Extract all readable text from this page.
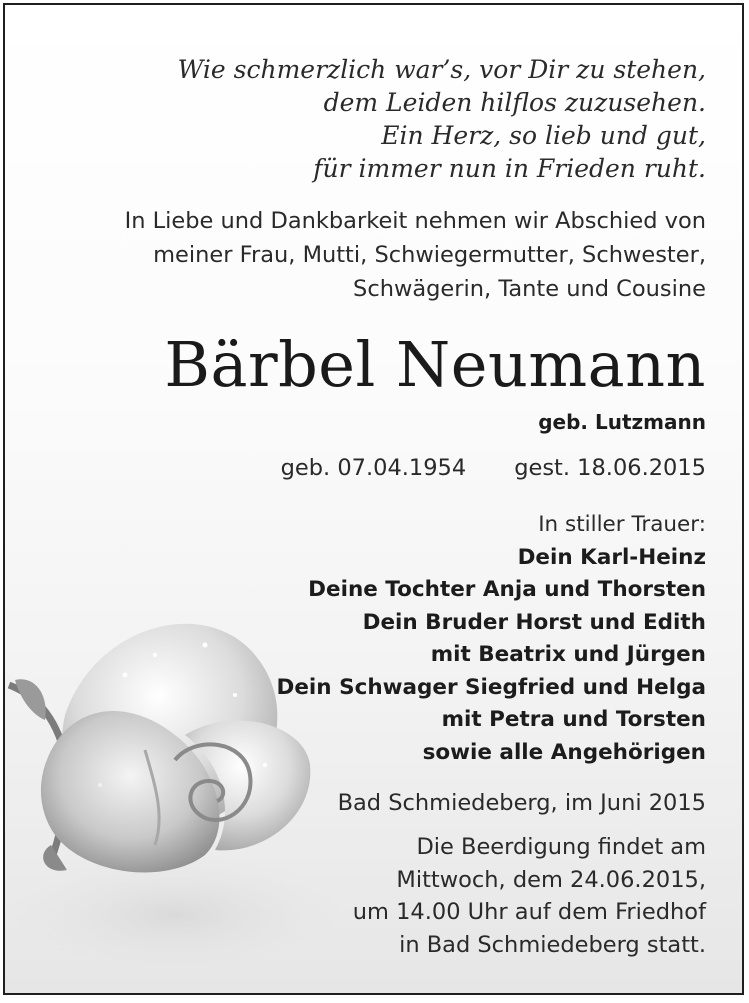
Wie schmerzlich war’s, vor Dir zu stehen,
dem Leiden hilflos zuzusehen.
Ein Herz, so lieb und gut,
für immer nun in Frieden ruht.
In Liebe und Dankbarkeit nehmen wir Abschied von
meiner Frau, Mutti, Schwiegermutter, Schwester,
Schwägerin, Tante und Cousine
Bärbel Neumann
geb. Lutzmann
geb. 07.04.1954 gest. 18.06.2015
In stiller Trauer:
Dein Karl-Heinz
Deine Tochter Anja und Thorsten
Dein Bruder Horst und Edith
mit Beatrix und Jürgen
Dein Schwager Siegfried und Helga
mit Petra und Torsten
sowie alle Angehörigen
Bad Schmiedeberg, im Juni 2015
Die Beerdigung findet am
Mittwoch, dem 24.06.2015,
um 14.00 Uhr auf dem Friedhof
in Bad Schmiedeberg statt.
